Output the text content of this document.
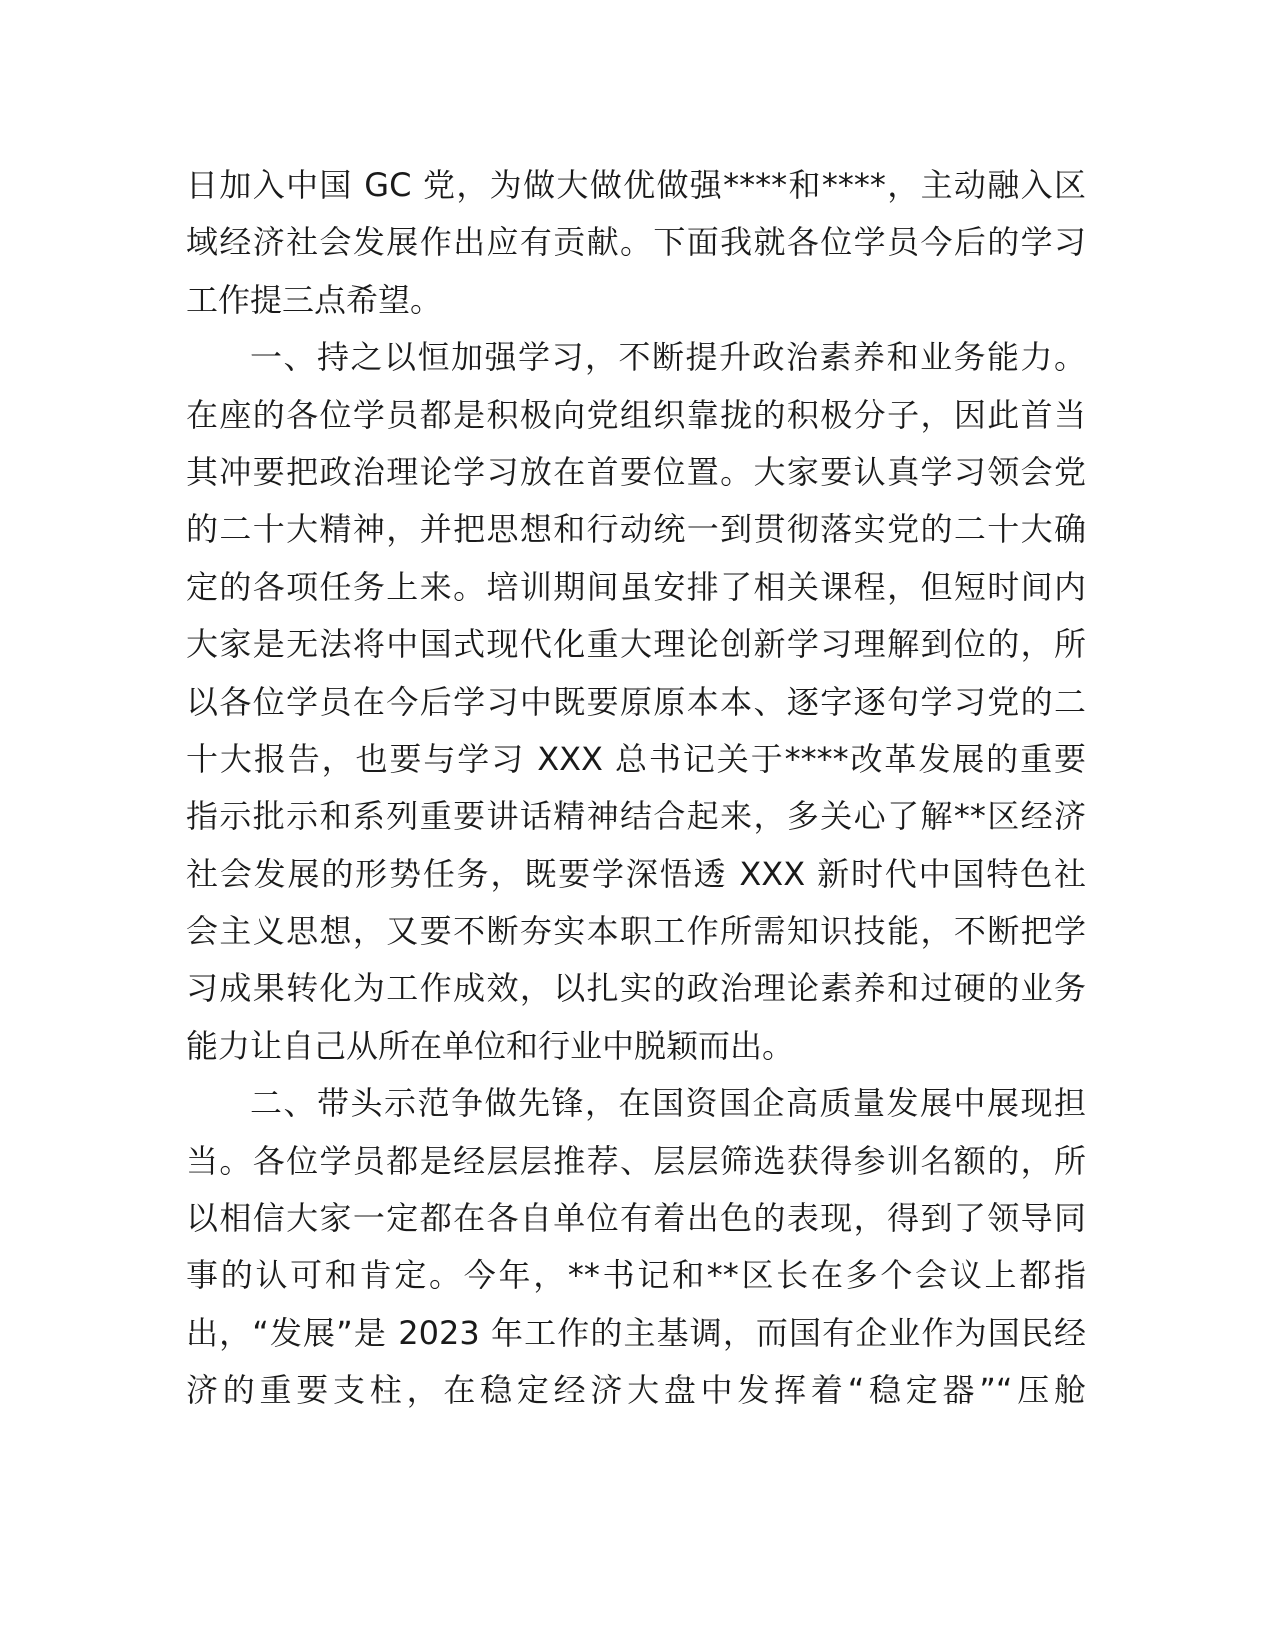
日加入中国 GC 党，为做大做优做强****和****，主动融入区
域经济社会发展作出应有贡献。下面我就各位学员今后的学习
工作提三点希望。
一、持之以恒加强学习，不断提升政治素养和业务能力。
在座的各位学员都是积极向党组织靠拢的积极分子，因此首当
其冲要把政治理论学习放在首要位置。大家要认真学习领会党
的二十大精神，并把思想和行动统一到贯彻落实党的二十大确
定的各项任务上来。培训期间虽安排了相关课程，但短时间内
大家是无法将中国式现代化重大理论创新学习理解到位的，所
以各位学员在今后学习中既要原原本本、逐字逐句学习党的二
十大报告，也要与学习 XXX 总书记关于****改革发展的重要
指示批示和系列重要讲话精神结合起来，多关心了解**区经济
社会发展的形势任务，既要学深悟透 XXX 新时代中国特色社
会主义思想，又要不断夯实本职工作所需知识技能，不断把学
习成果转化为工作成效，以扎实的政治理论素养和过硬的业务
能力让自己从所在单位和行业中脱颖而出。
二、带头示范争做先锋，在国资国企高质量发展中展现担
当。各位学员都是经层层推荐、层层筛选获得参训名额的，所
以相信大家一定都在各自单位有着出色的表现，得到了领导同
事的认可和肯定。今年，**书记和**区长在多个会议上都指
出，“发展”是 2023 年工作的主基调，而国有企业作为国民经
济的重要支柱，在稳定经济大盘中发挥着“稳定器”“压舱
